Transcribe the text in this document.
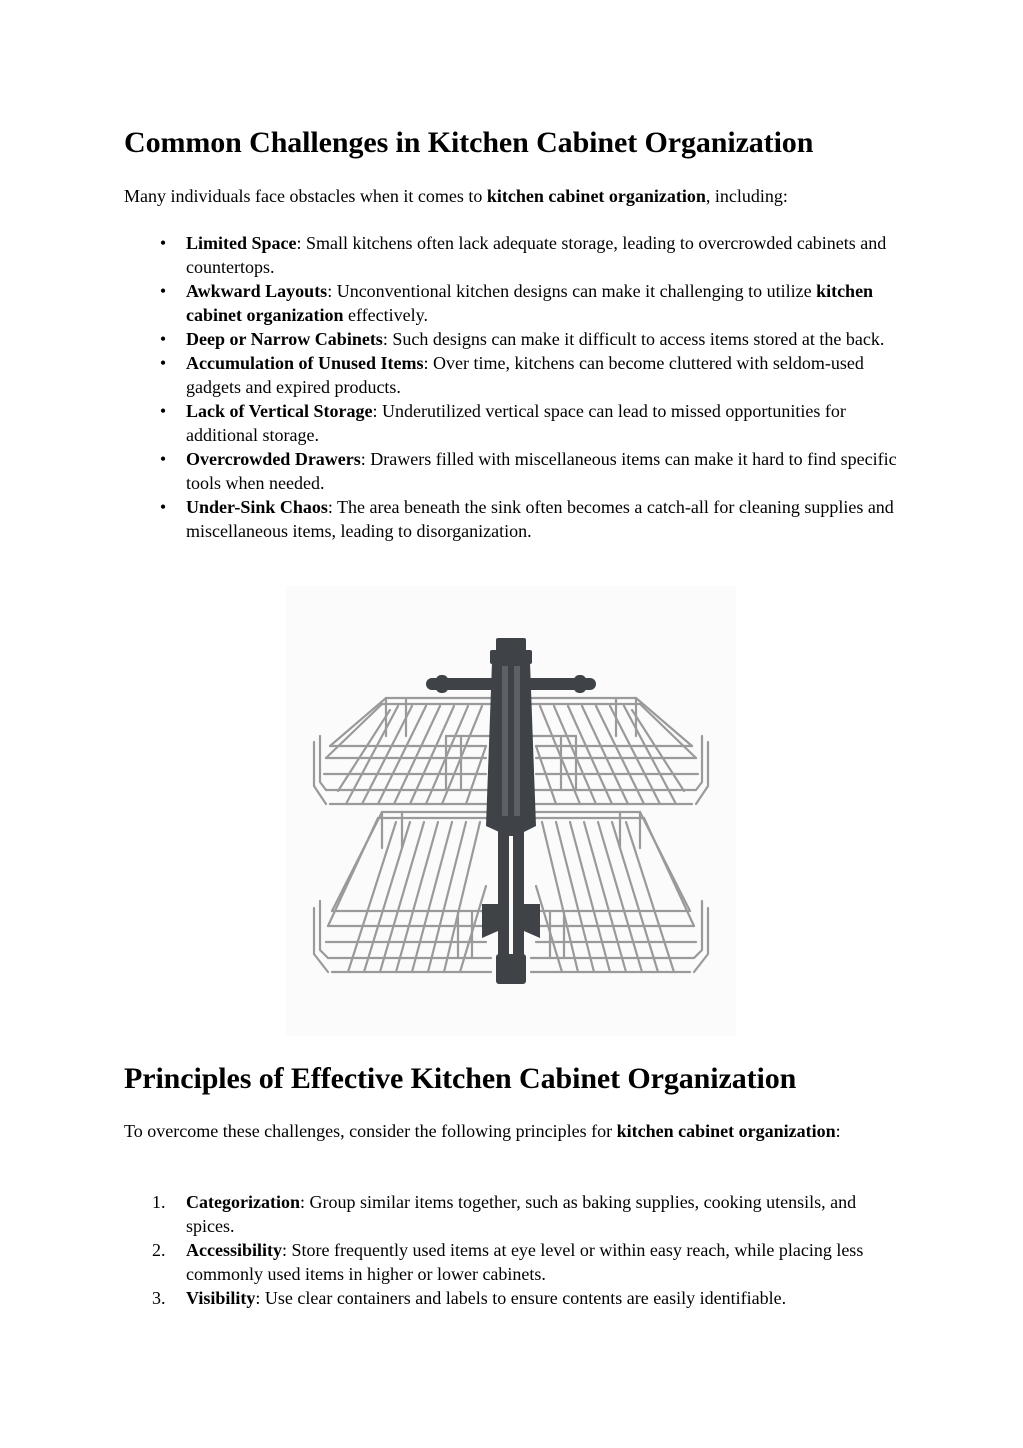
Common Challenges in Kitchen Cabinet Organization

Many individuals face obstacles when it comes to kitchen cabinet organization, including:

• Limited Space: Small kitchens often lack adequate storage, leading to overcrowded cabinets and countertops.
• Awkward Layouts: Unconventional kitchen designs can make it challenging to utilize kitchen cabinet organization effectively.
• Deep or Narrow Cabinets: Such designs can make it difficult to access items stored at the back.
• Accumulation of Unused Items: Over time, kitchens can become cluttered with seldom-used gadgets and expired products.
• Lack of Vertical Storage: Underutilized vertical space can lead to missed opportunities for additional storage.
• Overcrowded Drawers: Drawers filled with miscellaneous items can make it hard to find specific tools when needed.
• Under-Sink Chaos: The area beneath the sink often becomes a catch-all for cleaning supplies and miscellaneous items, leading to disorganization.
Principles of Effective Kitchen Cabinet Organization

To overcome these challenges, consider the following principles for kitchen cabinet organization:

1.	Categorization: Group similar items together, such as baking supplies, cooking utensils, and spices.
2.	Accessibility: Store frequently used items at eye level or within easy reach, while placing less commonly used items in higher or lower cabinets.
3.	Visibility: Use clear containers and labels to ensure contents are easily identifiable.
